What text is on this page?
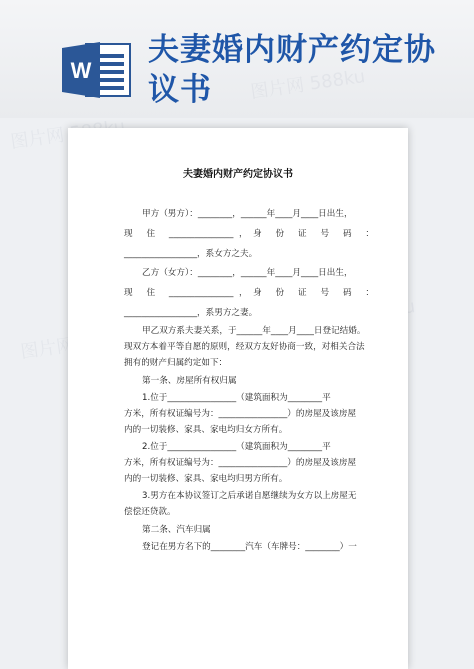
W
夫妻婚内财产约定协议书
图片网
图片网
夫妻婚内财产约定协议书
甲方（男方）：________，______年____月____日出生，
现 住 _______________，身 份 证 号 码 ：
_________________，系女方之夫。
乙方（女方）：________，______年____月____日出生，
现 住 _______________，身 份 证 号 码 ：
_________________，系男方之妻。
甲乙双方系夫妻关系，于______年____月____日登记结婚。
现双方本着平等自愿的原则，经双方友好协商一致，对相关合法
拥有的财产归属约定如下：
第一条、房屋所有权归属
1.位于________________（建筑面积为________平
方米，所有权证编号为：________________）的房屋及该房屋
内的一切装修、家具、家电均归女方所有。
2.位于________________（建筑面积为________平
方米，所有权证编号为：________________）的房屋及该房屋
内的一切装修、家具、家电均归男方所有。
3.男方在本协议签订之后承诺自愿继续为女方以上房屋无
偿偿还贷款。
第二条、汽车归属
登记在男方名下的________汽车（车牌号：________）一
